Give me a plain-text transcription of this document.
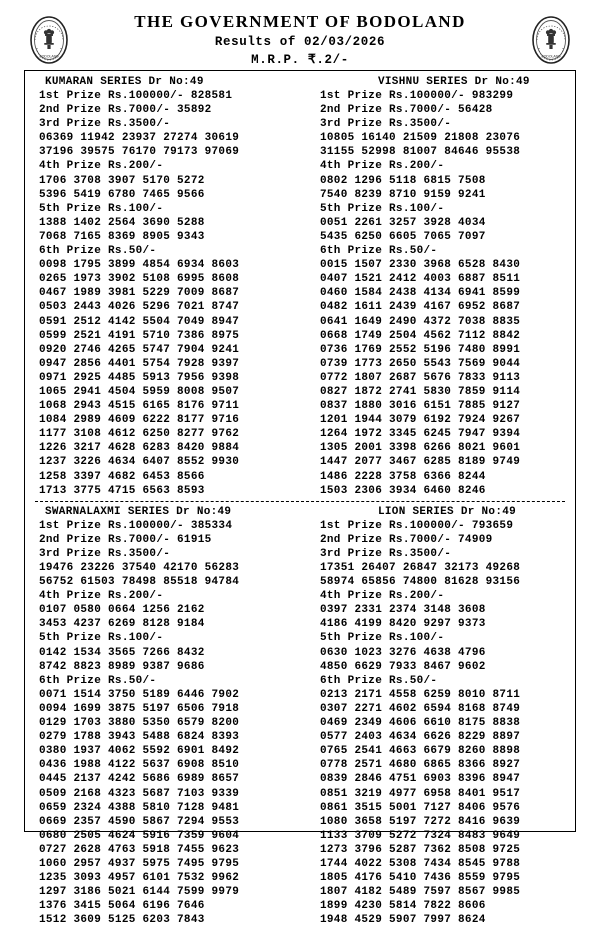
BODOLAND
THE GOVERNMENT OF BODOLAND
Results of 02/03/2026
M.R.P. ₹.2/-	BODOLAND
KUMARAN SERIES Dr No:49
1st Prize Rs.100000/- 828581
2nd Prize Rs.7000/- 35892
3rd Prize Rs.3500/-
06369 11942 23937 27274 30619
37196 39575 76170 79173 97069
4th Prize Rs.200/-
1706 3708 3907 5170 5272
5396 5419 6780 7465 9566
5th Prize Rs.100/-
1388 1402 2564 3690 5288
7068 7165 8369 8905 9343
6th Prize Rs.50/-
0098 1795 3899 4854 6934 8603
0265 1973 3902 5108 6995 8608
0467 1989 3981 5229 7009 8687
0503 2443 4026 5296 7021 8747
0591 2512 4142 5504 7049 8947
0599 2521 4191 5710 7386 8975
0920 2746 4265 5747 7904 9241
0947 2856 4401 5754 7928 9397
0971 2925 4485 5913 7956 9398
1065 2941 4504 5959 8008 9507
1068 2943 4515 6165 8176 9711
1084 2989 4609 6222 8177 9716
1177 3108 4612 6250 8277 9762
1226 3217 4628 6283 8420 9884
1237 3226 4634 6407 8552 9930
1258 3397 4682 6453 8566
1713 3775 4715 6563 8593
VISHNU SERIES Dr No:49
1st Prize Rs.100000/- 983299
2nd Prize Rs.7000/- 56428
3rd Prize Rs.3500/-
10805 16140 21509 21808 23076
31155 52998 81007 84646 95538
4th Prize Rs.200/-
0802 1296 5118 6815 7508
7540 8239 8710 9159 9241
5th Prize Rs.100/-
0051 2261 3257 3928 4034
5435 6250 6605 7065 7097
6th Prize Rs.50/-
0015 1507 2330 3968 6528 8430
0407 1521 2412 4003 6887 8511
0460 1584 2438 4134 6941 8599
0482 1611 2439 4167 6952 8687
0641 1649 2490 4372 7038 8835
0668 1749 2504 4562 7112 8842
0736 1769 2552 5196 7480 8991
0739 1773 2650 5543 7569 9044
0772 1807 2687 5676 7833 9113
0827 1872 2741 5830 7859 9114
0837 1880 3016 6151 7885 9127
1201 1944 3079 6192 7924 9267
1264 1972 3345 6245 7947 9394
1305 2001 3398 6266 8021 9601
1447 2077 3467 6285 8189 9749
1486 2228 3758 6366 8244
1503 2306 3934 6460 8246
SWARNALAXMI SERIES Dr No:49
1st Prize Rs.100000/- 385334
2nd Prize Rs.7000/- 61915
3rd Prize Rs.3500/-
19476 23226 37540 42170 56283
56752 61503 78498 85518 94784
4th Prize Rs.200/-
0107 0580 0664 1256 2162
3453 4237 6269 8128 9184
5th Prize Rs.100/-
0142 1534 3565 7266 8432
8742 8823 8989 9387 9686
6th Prize Rs.50/-
0071 1514 3750 5189 6446 7902
0094 1699 3875 5197 6506 7918
0129 1703 3880 5350 6579 8200
0279 1788 3943 5488 6824 8393
0380 1937 4062 5592 6901 8492
0436 1988 4122 5637 6908 8510
0445 2137 4242 5686 6989 8657
0509 2168 4323 5687 7103 9339
0659 2324 4388 5810 7128 9481
0669 2357 4590 5867 7294 9553
0680 2505 4624 5916 7359 9604
0727 2628 4763 5918 7455 9623
1060 2957 4937 5975 7495 9795
1235 3093 4957 6101 7532 9962
1297 3186 5021 6144 7599 9979
1376 3415 5064 6196 7646
1512 3609 5125 6203 7843
LION SERIES Dr No:49
1st Prize Rs.100000/- 793659
2nd Prize Rs.7000/- 74909
3rd Prize Rs.3500/-
17351 26407 26847 32173 49268
58974 65856 74800 81628 93156
4th Prize Rs.200/-
0397 2331 2374 3148 3608
4186 4199 8420 9297 9373
5th Prize Rs.100/-
0630 1023 3276 4638 4796
4850 6629 7933 8467 9602
6th Prize Rs.50/-
0213 2171 4558 6259 8010 8711
0307 2271 4602 6594 8168 8749
0469 2349 4606 6610 8175 8838
0577 2403 4634 6626 8229 8897
0765 2541 4663 6679 8260 8898
0778 2571 4680 6865 8366 8927
0839 2846 4751 6903 8396 8947
0851 3219 4977 6958 8401 9517
0861 3515 5001 7127 8406 9576
1080 3658 5197 7272 8416 9639
1133 3709 5272 7324 8483 9649
1273 3796 5287 7362 8508 9725
1744 4022 5308 7434 8545 9788
1805 4176 5410 7436 8559 9795
1807 4182 5489 7597 8567 9985
1899 4230 5814 7822 8606
1948 4529 5907 7997 8624
